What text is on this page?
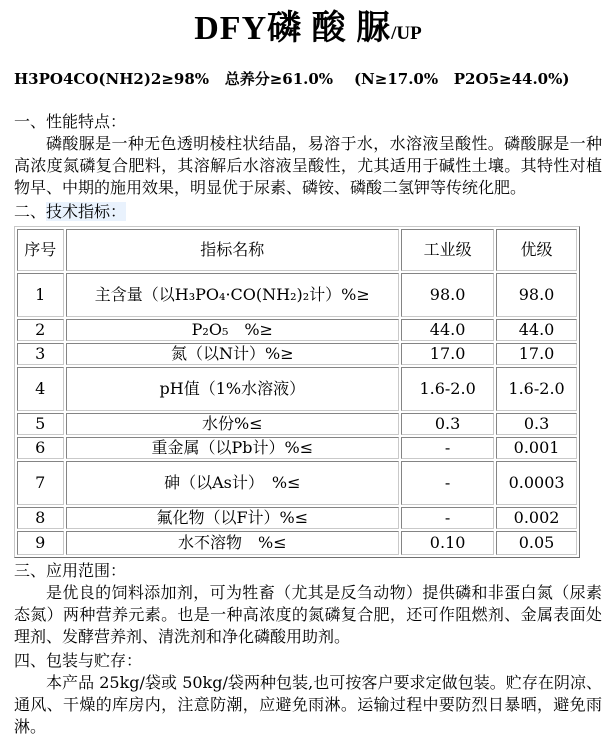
DFY磷 酸 脲/UP
H3PO4CO(NH2)2≥98%   总养分≥61.0%    (N≥17.0%   P2O5≥44.0%)
一、性能特点：

磷酸脲是一种无色透明棱柱状结晶，易溶于水，水溶液呈酸性。磷酸脲是一种高浓度氮磷复合肥料，其溶解后水溶液呈酸性，尤其适用于碱性土壤。其特性对植物早、中期的施用效果，明显优于尿素、磷铵、磷酸二氢钾等传统化肥。

二、技术指标：
序号	指标名称	工业级	优级
1	主含量（以H₃PO₄·CO(NH₂)₂计）%≥	98.0	98.0
2	P₂O₅　%≥	44.0	44.0
3	氮（以N计）%≥	17.0	17.0
4	pH值（1%水溶液）	1.6-2.0	1.6-2.0
5	水份%≤	0.3	0.3
6	重金属（以Pb计）%≤	-	0.001
7	砷（以As计）　%≤	-	0.0003
8	氟化物（以F计）%≤	-	0.002
9	水不溶物　%≤	0.10	0.05
三、应用范围：

是优良的饲料添加剂，可为牲畜（尤其是反刍动物）提供磷和非蛋白氮（尿素态氮）两种营养元素。也是一种高浓度的氮磷复合肥，还可作阻燃剂、金属表面处理剂、发酵营养剂、清洗剂和净化磷酸用助剂。

四、包装与贮存：

本产品 25kg/袋或 50kg/袋两种包装,也可按客户要求定做包装。贮存在阴凉、通风、干燥的库房内，注意防潮，应避免雨淋。运输过程中要防烈日暴晒，避免雨淋。
